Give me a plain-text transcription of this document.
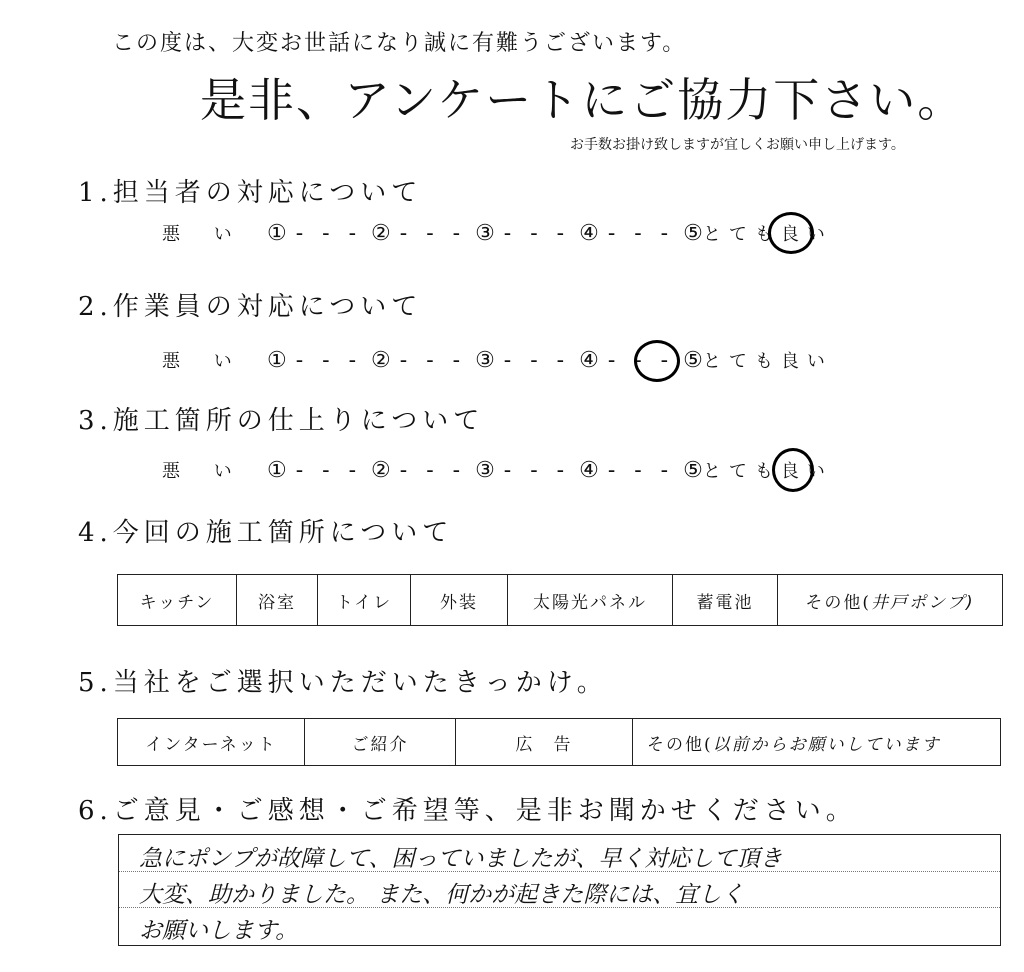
この度は、大変お世話になり誠に有難うございます。
是非、アンケートにご協力下さい。
お手数お掛け致しますが宜しくお願い申し上げます。
1.担当者の対応について
悪 い ① - - - ② - - - ③ - - - ④ - - - ⑤とても良い
2.作業員の対応について
悪 い ① - - - ② - - - ③ - - - ④ - - - ⑤とても良い
3.施工箇所の仕上りについて
悪 い ① - - - ② - - - ③ - - - ④ - - - ⑤とても良い
4.今回の施工箇所について
キッチン	浴室	トイレ	外装	太陽光パネル	蓄電池	その他(井戸ポンプ)
5.当社をご選択いただいたきっかけ。
インターネット	ご紹介	広　告	その他(以前からお願いしています
6.ご意見・ご感想・ご希望等、是非お聞かせください。
急にポンプが故障して、困っていましたが、早く対応して頂き
大変、助かりました。 また、何かが起きた際には、宜しく
お願いします。
